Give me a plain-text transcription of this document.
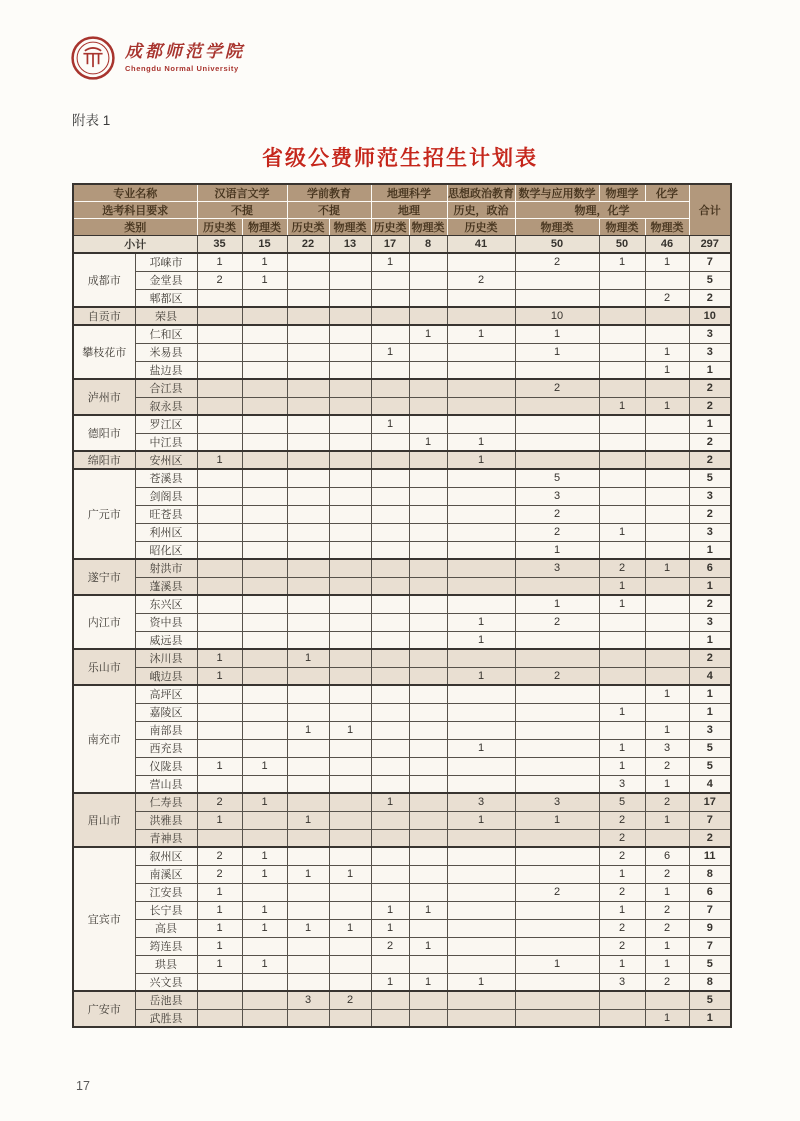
成都师范学院
Chengdu Normal University
附表 1
省级公费师范生招生计划表
专业名称		汉语言文学		学前教育		地理科学		思想政治教育	数学与应用数学	物理学	化学	合计
选考科目要求		不提		不提		地理		历史，政治	物理，化学			
类别		历史类	物理类	历史类	物理类	历史类	物理类	历史类	物理类	物理类	物理类	
小计		35	15	22	13	17	8	41	50	50	46	297
成都市	邛崃市	1	1			1			2	1	1	7
	金堂县	2	1					2				5
	郫都区										2	2
自贡市	荣县								10			10
攀枝花市	仁和区						1	1	1			3
	米易县					1			1		1	3
	盐边县										1	1
泸州市	合江县								2			2
	叙永县									1	1	2
德阳市	罗江区					1						1
	中江县						1	1				2
绵阳市	安州区	1						1				2
广元市	苍溪县								5			5
	剑阁县								3			3
	旺苍县								2			2
	利州区								2	1		3
	昭化区								1			1
遂宁市	射洪市								3	2	1	6
	蓬溪县									1		1
内江市	东兴区								1	1		2
	资中县							1	2			3
	威远县							1				1
乐山市	沐川县	1		1								2
	峨边县	1						1	2			4
南充市	高坪区										1	1
	嘉陵区									1		1
	南部县			1	1						1	3
	西充县							1		1	3	5
	仪陇县	1	1							1	2	5
	营山县									3	1	4
眉山市	仁寿县	2	1			1		3	3	5	2	17
	洪雅县	1		1				1	1	2	1	7
	青神县									2		2
宜宾市	叙州区	2	1							2	6	11
	南溪区	2	1	1	1					1	2	8
	江安县	1							2	2	1	6
	长宁县	1	1			1	1			1	2	7
	高县	1	1	1	1	1				2	2	9
	筠连县	1				2	1			2	1	7
	珙县	1	1						1	1	1	5
	兴文县					1	1	1		3	2	8
广安市	岳池县			3	2							5
	武胜县										1	1
17
